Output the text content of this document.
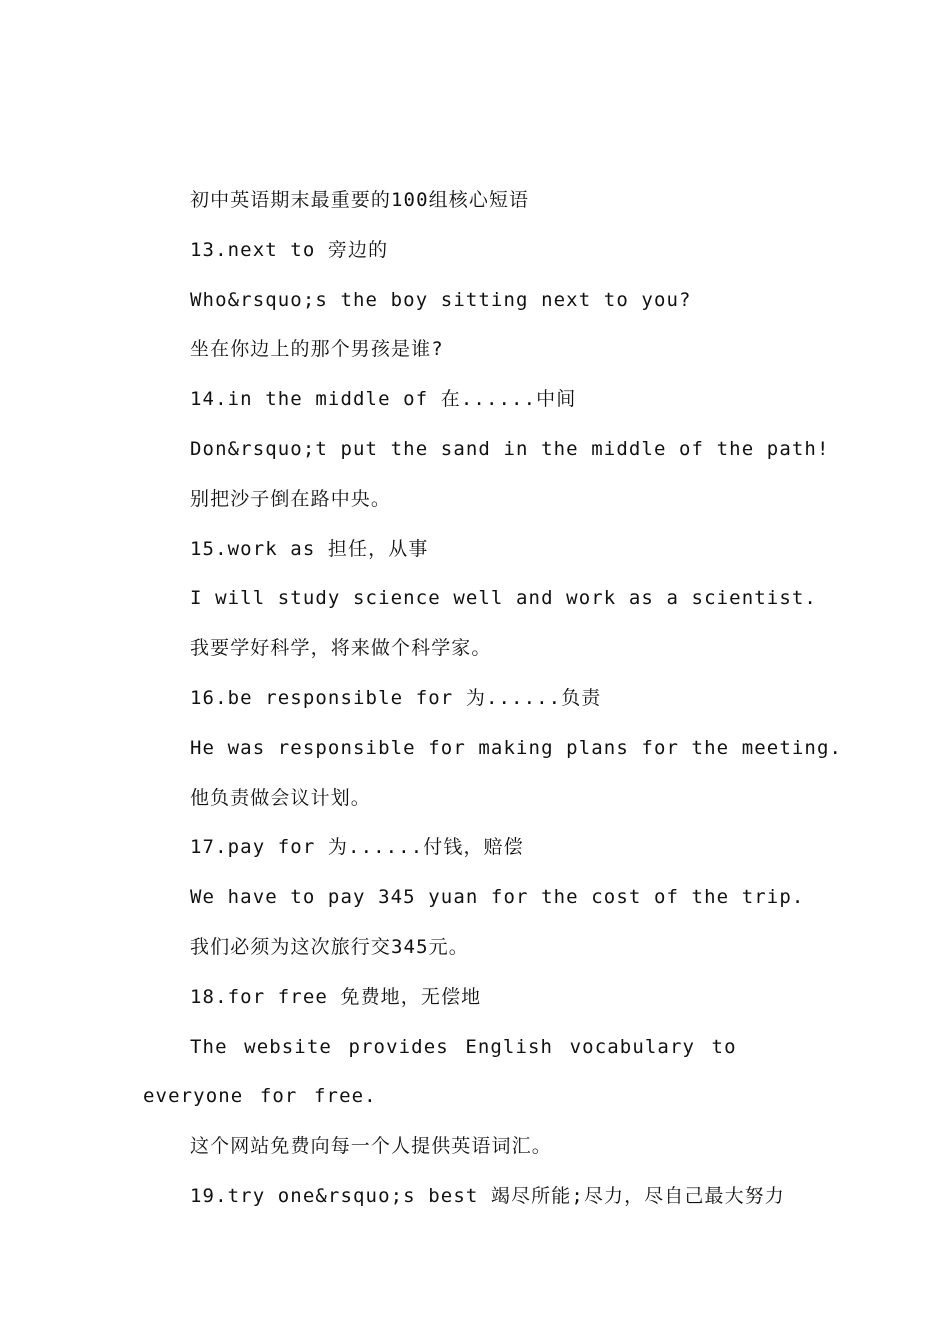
初中英语期末最重要的100组核心短语
13.next to 旁边的
Who&rsquo;s the boy sitting next to you?
坐在你边上的那个男孩是谁?
14.in the middle of 在......中间
Don&rsquo;t put the sand in the middle of the path!
别把沙子倒在路中央。
15.work as 担任，从事
I will study science well and work as a scientist.
我要学好科学，将来做个科学家。
16.be responsible for 为......负责
He was responsible for making plans for the meeting.
他负责做会议计划。
17.pay for 为......付钱，赔偿
We have to pay 345 yuan for the cost of the trip.
我们必须为这次旅行交345元。
18.for free 免费地，无偿地
The website provides English vocabulary to everyone for free.
这个网站免费向每一个人提供英语词汇。
19.try one&rsquo;s best 竭尽所能;尽力，尽自己最大努力
